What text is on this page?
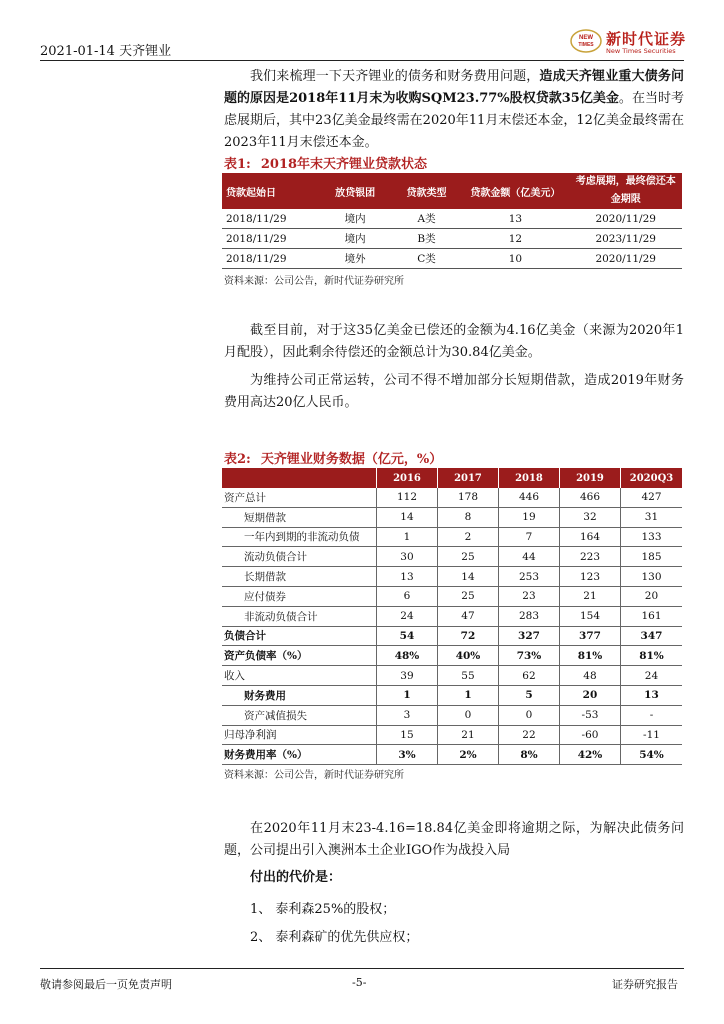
2021-01-14 天齐锂业
NEW
TIMES 新时代证券
New Times Securities

我们来梳理一下天齐锂业的债务和财务费用问题，造成天齐锂业重大债务问题的原因是2018年11月末为收购SQM23.77%股权贷款35亿美金。在当时考虑展期后，其中23亿美金最终需在2020年11月末偿还本金，12亿美金最终需在2023年11月末偿还本金。

表1: 2018年末天齐锂业贷款状态
贷款起始日	放贷银团	贷款类型	贷款金额（亿美元）	考虑展期，最终偿还本金期限
2018/11/29	境内	A类	13	2020/11/29
2018/11/29	境内	B类	12	2023/11/29
2018/11/29	境外	C类	10	2020/11/29
资料来源：公司公告，新时代证券研究所

截至目前，对于这35亿美金已偿还的金额为4.16亿美金（来源为2020年1月配股），因此剩余待偿还的金额总计为30.84亿美金。

为维持公司正常运转，公司不得不增加部分长短期借款，造成2019年财务费用高达20亿人民币。

表2: 天齐锂业财务数据（亿元，%）
	2016	2017	2018	2019	2020Q3
资产总计	112	178	446	466	427
短期借款	14	8	19	32	31
一年内到期的非流动负债	1	2	7	164	133
流动负债合计	30	25	44	223	185
长期借款	13	14	253	123	130
应付债券	6	25	23	21	20
非流动负债合计	24	47	283	154	161
负债合计	54	72	327	377	347
资产负债率（%）	48%	40%	73%	81%	81%
收入	39	55	62	48	24
财务费用	1	1	5	20	13
资产减值损失	3	0	0	-53	-
归母净利润	15	21	22	-60	-11
财务费用率（%）	3%	2%	8%	42%	54%
资料来源：公司公告，新时代证券研究所

在2020年11月末23-4.16=18.84亿美金即将逾期之际，为解决此债务问题，公司提出引入澳洲本土企业IGO作为战投入局

付出的代价是：
1、 泰利森25%的股权；
2、 泰利森矿的优先供应权；
敬请参阅最后一页免责声明	-5-	证券研究报告
